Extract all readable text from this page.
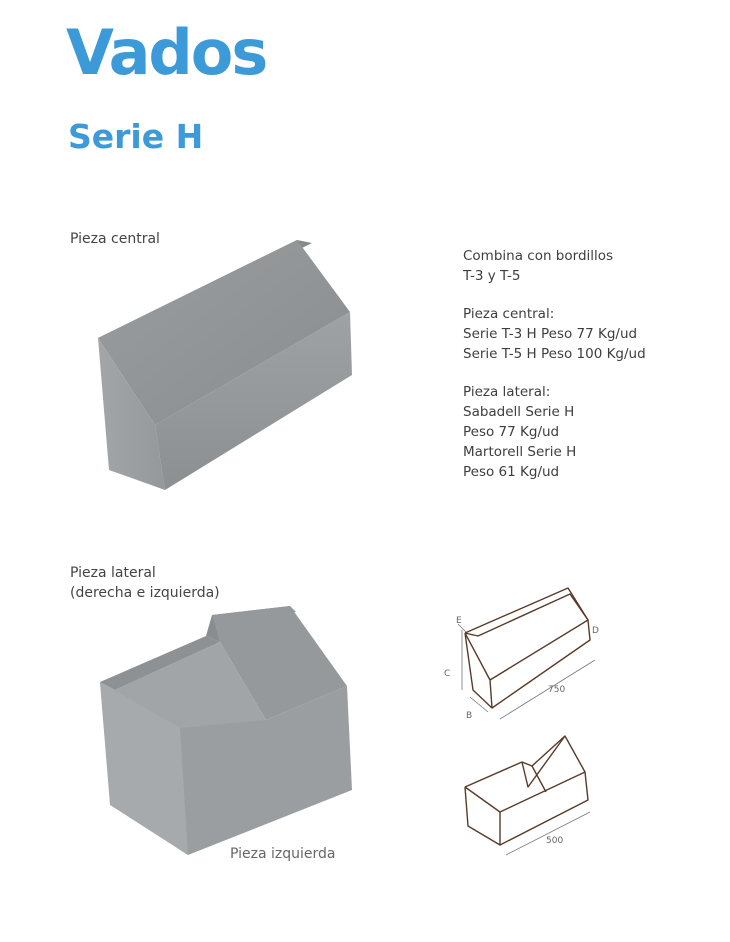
Vados
Serie H
Pieza central

Combina con bordillos
T-3 y T-5

Pieza central:
Serie T-3 H Peso 77 Kg/ud
Serie T-5 H Peso 100 Kg/ud

Pieza lateral:
Sabadell Serie H
Peso 77 Kg/ud
Martorell Serie H
Peso 61 Kg/ud

Pieza lateral
(derecha e izquierda)
Pieza izquierda
E
D
C
B
750
500
